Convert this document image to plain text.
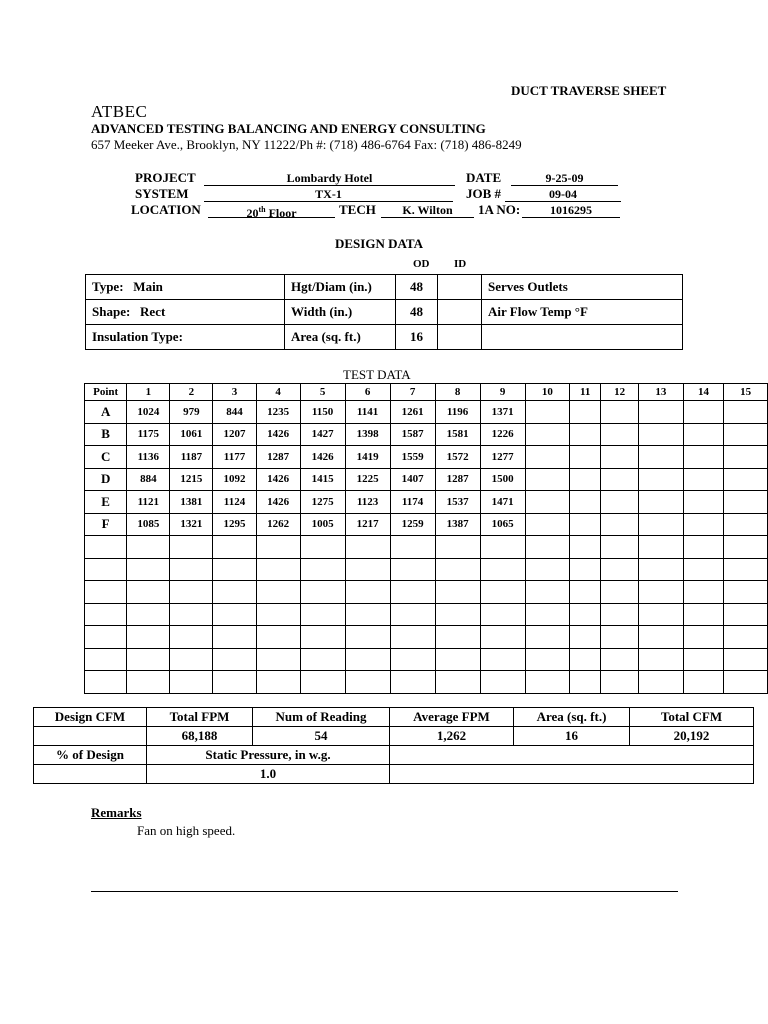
DUCT TRAVERSE SHEET
ATBEC
ADVANCED TESTING BALANCING AND ENERGY CONSULTING
657 Meeker Ave., Brooklyn, NY 11222/Ph #: (718) 486-6764 Fax: (718) 486-8249
PROJECT	Lombardy Hotel	DATE	9-25-09
SYSTEM	TX-1	JOB #	09-04
LOCATION	20th Floor	TECH	K. Wilton	1A NO:	1016295
DESIGN DATA
OD ID
Type: Main	Hgt/Diam (in.)	48		Serves Outlets
Shape: Rect	Width (in.)	48		Air Flow Temp °F
Insulation Type:	Area (sq. ft.)	16		
TEST DATA
Point	1	2	3	4	5	6	7	8	9	10	11	12	13	14	15
A	1024	979	844	1235	1150	1141	1261	1196	1371						
B	1175	1061	1207	1426	1427	1398	1587	1581	1226						
C	1136	1187	1177	1287	1426	1419	1559	1572	1277						
D	884	1215	1092	1426	1415	1225	1407	1287	1500						
E	1121	1381	1124	1426	1275	1123	1174	1537	1471						
F	1085	1321	1295	1262	1005	1217	1259	1387	1065						

Design CFM	Total FPM	Num of Reading	Average FPM	Area (sq. ft.)	Total CFM
	68,188	54	1,262	16	20,192
% of Design	Static Pressure, in w.g.				
	1.0				
Remarks
Fan on high speed.
